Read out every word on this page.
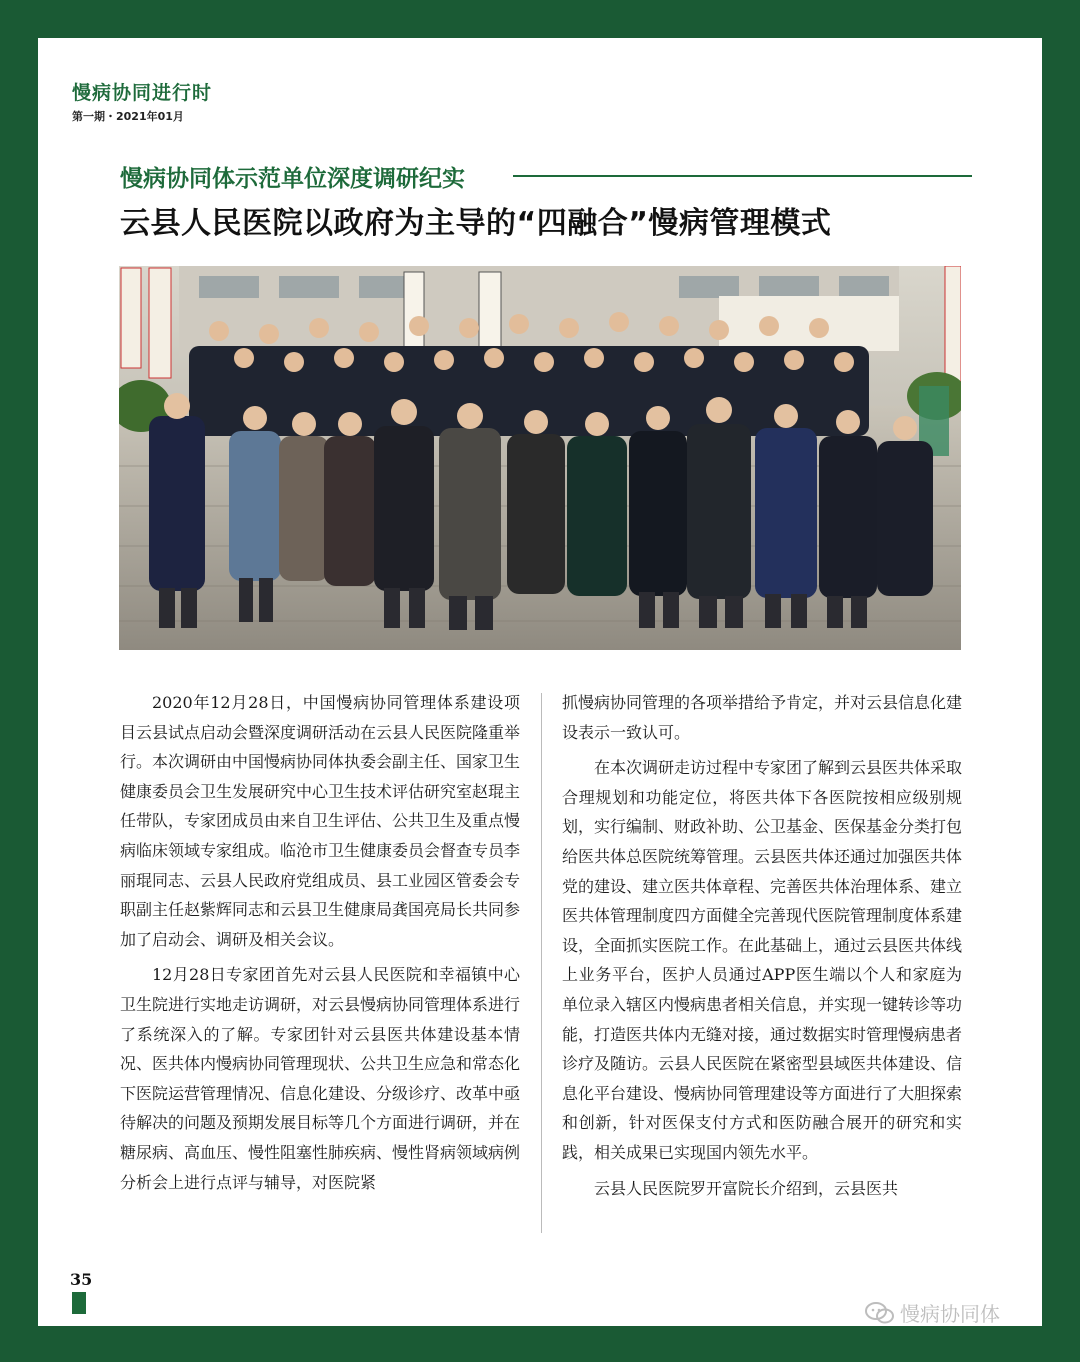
慢病协同进行时
第一期・2021年01月
慢病协同体示范单位深度调研纪实
云县人民医院以政府为主导的“四融合”慢病管理模式

2020年12月28日，中国慢病协同管理体系建设项目云县试点启动会暨深度调研活动在云县人民医院隆重举行。本次调研由中国慢病协同体执委会副主任、国家卫生健康委员会卫生发展研究中心卫生技术评估研究室赵琨主任带队，专家团成员由来自卫生评估、公共卫生及重点慢病临床领域专家组成。临沧市卫生健康委员会督查专员李丽琨同志、云县人民政府党组成员、县工业园区管委会专职副主任赵紫辉同志和云县卫生健康局龚国亮局长共同参加了启动会、调研及相关会议。

12月28日专家团首先对云县人民医院和幸福镇中心卫生院进行实地走访调研，对云县慢病协同管理体系进行了系统深入的了解。专家团针对云县医共体建设基本情况、医共体内慢病协同管理现状、公共卫生应急和常态化下医院运营管理情况、信息化建设、分级诊疗、改革中亟待解决的问题及预期发展目标等几个方面进行调研，并在糖尿病、高血压、慢性阻塞性肺疾病、慢性肾病领域病例分析会上进行点评与辅导，对医院紧

抓慢病协同管理的各项举措给予肯定，并对云县信息化建设表示一致认可。

在本次调研走访过程中专家团了解到云县医共体采取合理规划和功能定位，将医共体下各医院按相应级别规划，实行编制、财政补助、公卫基金、医保基金分类打包给医共体总医院统筹管理。云县医共体还通过加强医共体党的建设、建立医共体章程、完善医共体治理体系、建立医共体管理制度四方面健全完善现代医院管理制度体系建设，全面抓实医院工作。在此基础上，通过云县医共体线上业务平台，医护人员通过APP医生端以个人和家庭为单位录入辖区内慢病患者相关信息，并实现一键转诊等功能，打造医共体内无缝对接，通过数据实时管理慢病患者诊疗及随访。云县人民医院在紧密型县域医共体建设、信息化平台建设、慢病协同管理建设等方面进行了大胆探索和创新，针对医保支付方式和医防融合展开的研究和实践，相关成果已实现国内领先水平。

云县人民医院罗开富院长介绍到，云县医共

35
慢病协同体
